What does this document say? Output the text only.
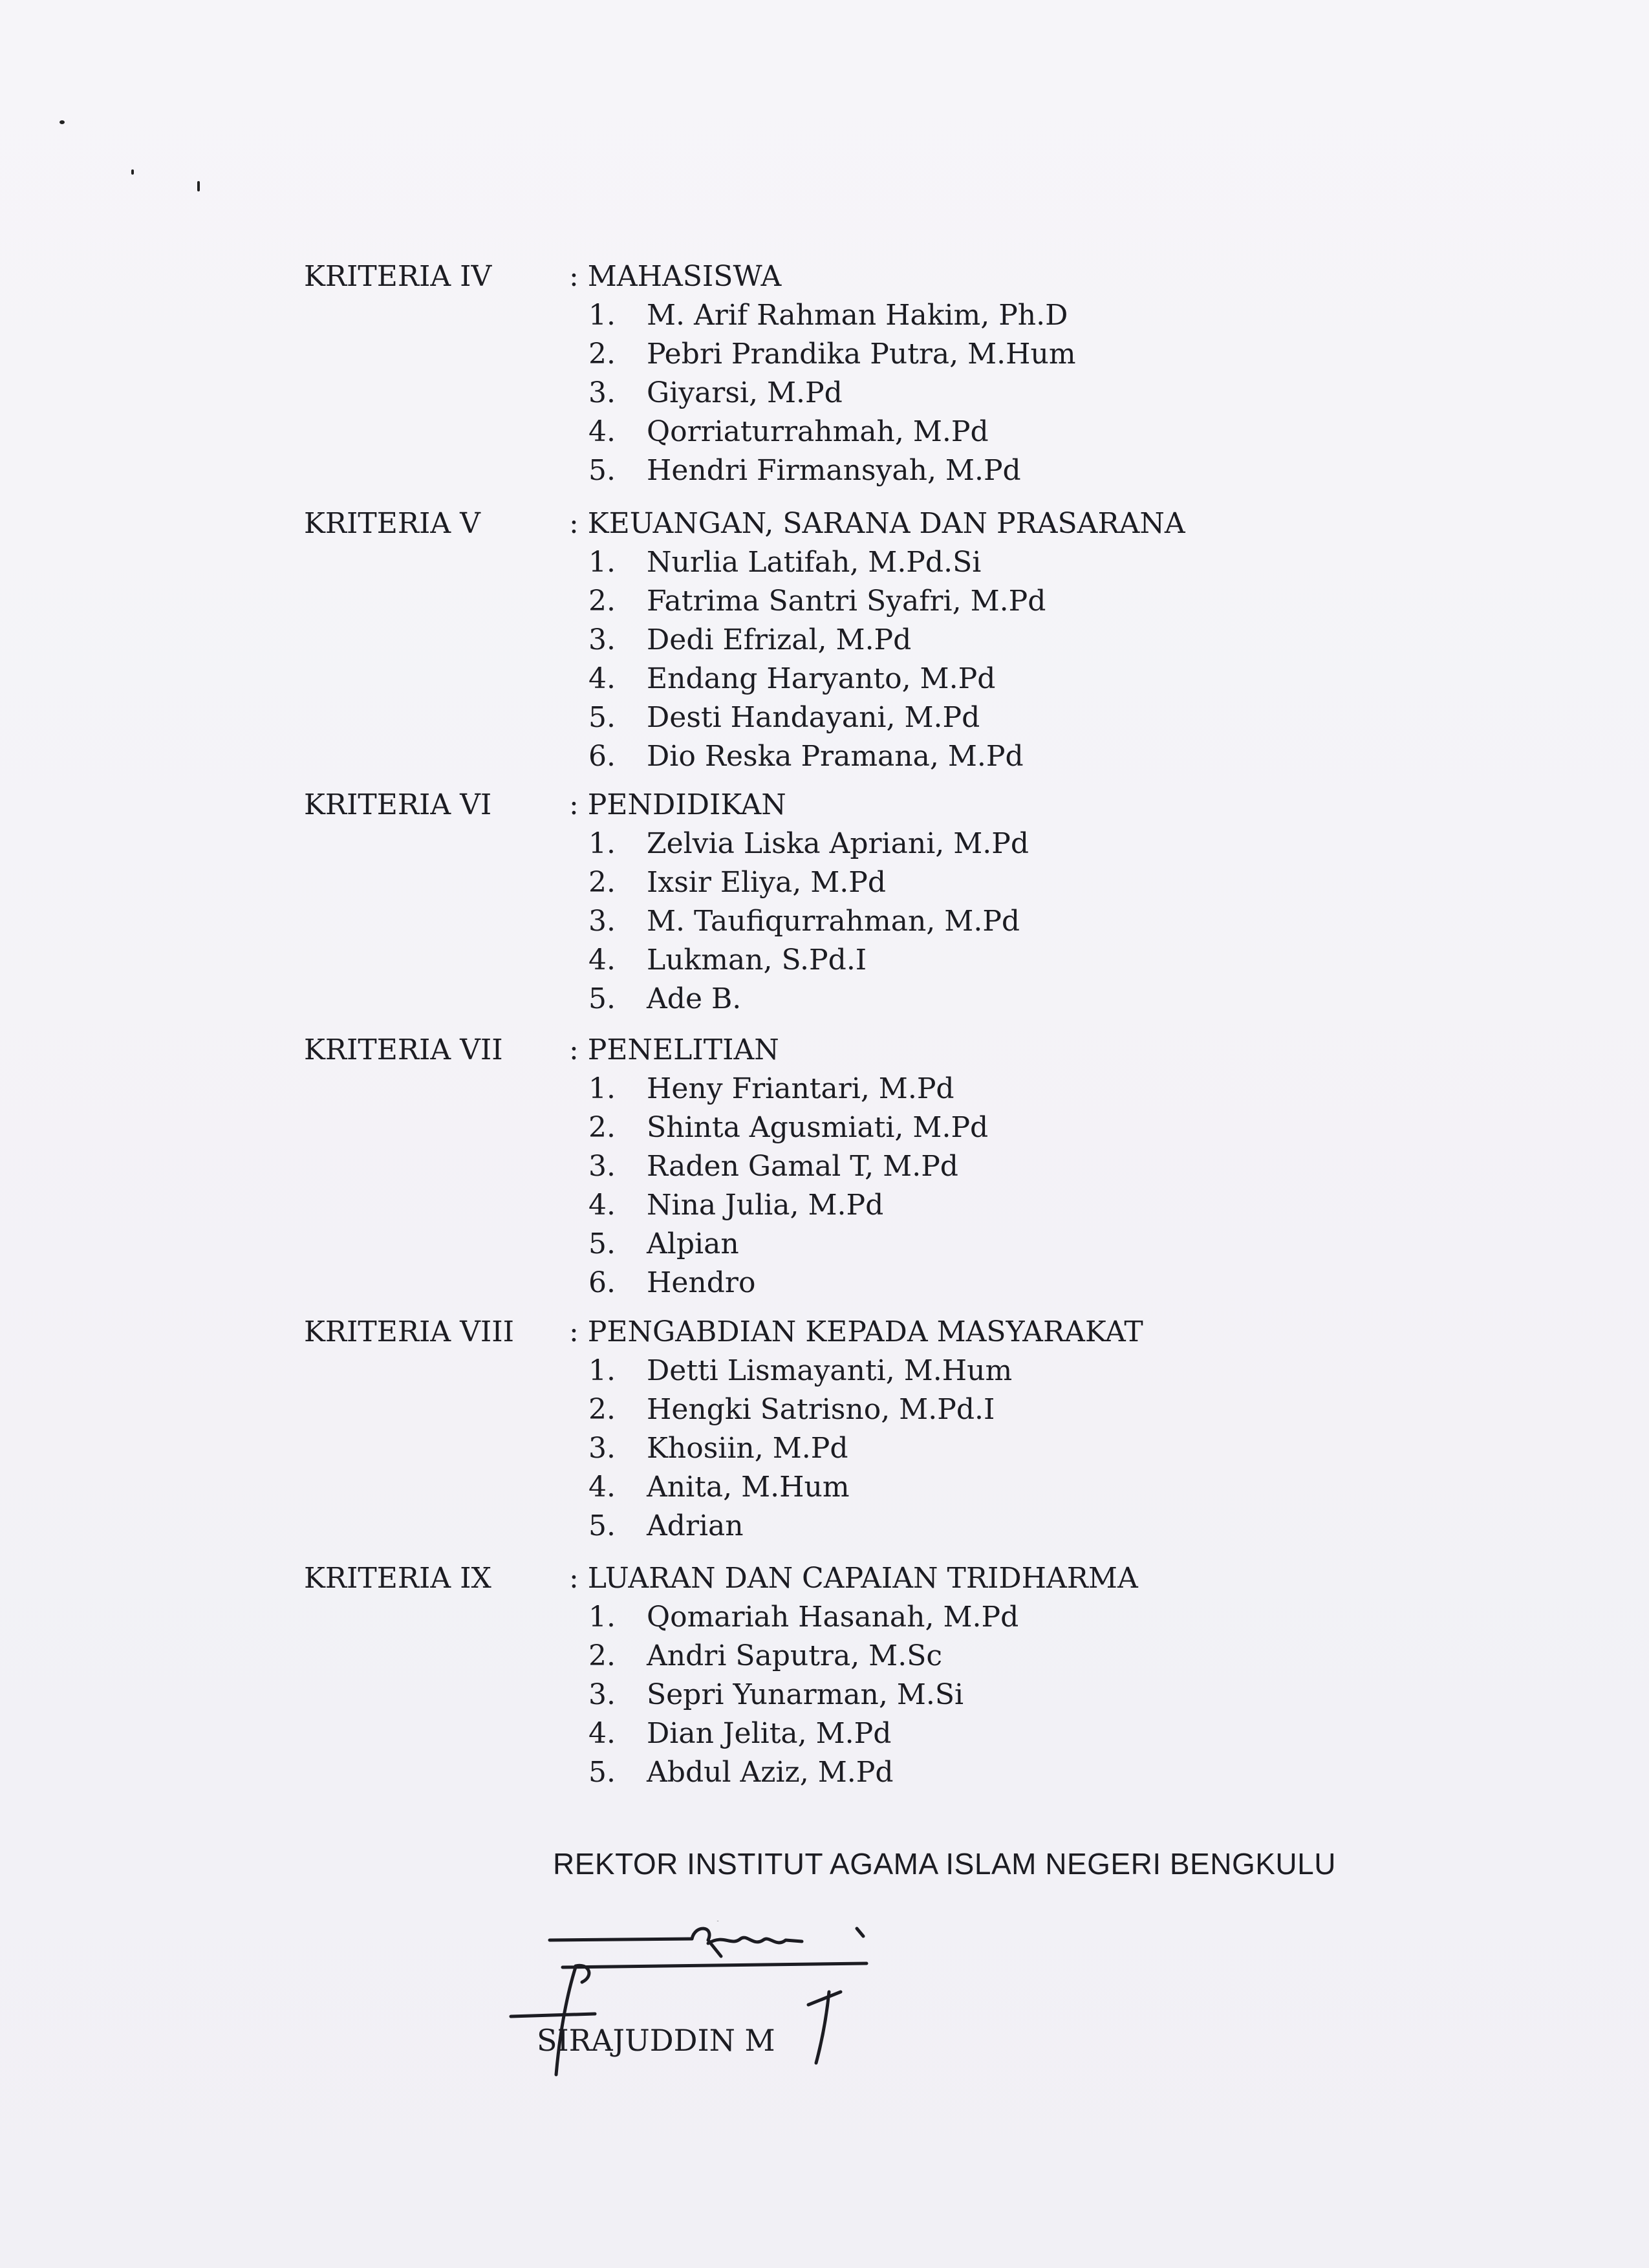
KRITERIA IV	: MAHASISWA
1.	M. Arif Rahman Hakim, Ph.D
2.	Pebri Prandika Putra, M.Hum
3.	Giyarsi, M.Pd
4.	Qorriaturrahmah, M.Pd
5.	Hendri Firmansyah, M.Pd
KRITERIA V	: KEUANGAN, SARANA DAN PRASARANA
1.	Nurlia Latifah, M.Pd.Si
2.	Fatrima Santri Syafri, M.Pd
3.	Dedi Efrizal, M.Pd
4.	Endang Haryanto, M.Pd
5.	Desti Handayani, M.Pd
6.	Dio Reska Pramana, M.Pd
KRITERIA VI	: PENDIDIKAN
1.	Zelvia Liska Apriani, M.Pd
2.	Ixsir Eliya, M.Pd
3.	M. Taufiqurrahman, M.Pd
4.	Lukman, S.Pd.I
5.	Ade B.
KRITERIA VII : PENELITIAN
1.	Heny Friantari, M.Pd
2.	Shinta Agusmiati, M.Pd
3.	Raden Gamal T, M.Pd
4.	Nina Julia, M.Pd
5.	Alpian
6.	Hendro
KRITERIA VIII : PENGABDIAN KEPADA MASYARAKAT
1.	Detti Lismayanti, M.Hum
2.	Hengki Satrisno, M.Pd.I
3.	Khosiin, M.Pd
4.	Anita, M.Hum
5.	Adrian
KRITERIA IX	: LUARAN DAN CAPAIAN TRIDHARMA
1.	Qomariah Hasanah, M.Pd
2.	Andri Saputra, M.Sc
3.	Sepri Yunarman, M.Si
4.	Dian Jelita, M.Pd
5.	Abdul Aziz, M.Pd
REKTOR INSTITUT AGAMA ISLAM NEGERI BENGKULU
SIRAJUDDIN M
